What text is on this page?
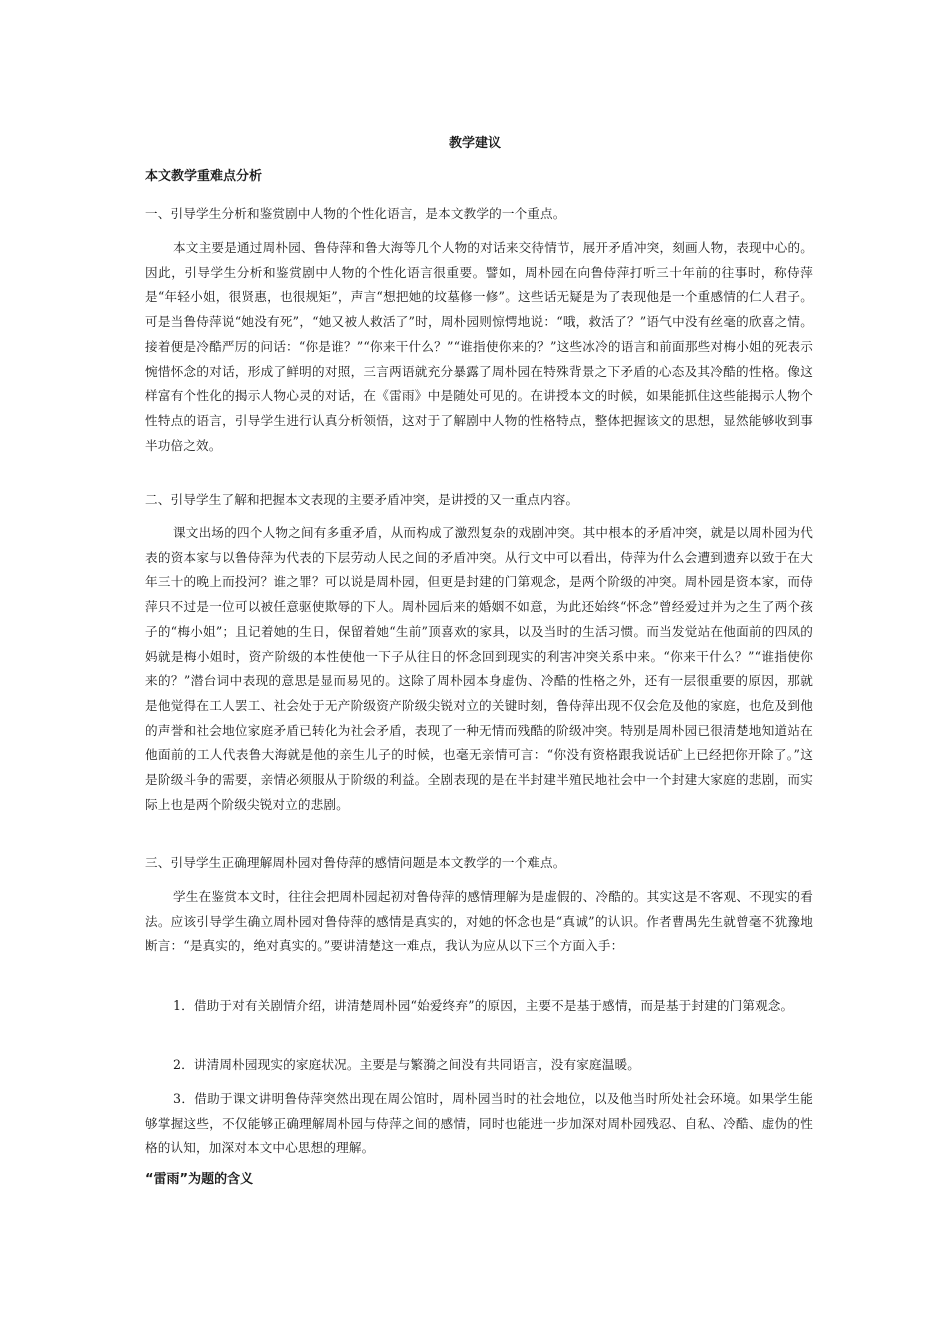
教学建议
本文教学重难点分析

一、引导学生分析和鉴赏剧中人物的个性化语言，是本文教学的一个重点。

本文主要是通过周朴园、鲁侍萍和鲁大海等几个人物的对话来交待情节，展开矛盾冲突，刻画人物，表现中心的。因此，引导学生分析和鉴赏剧中人物的个性化语言很重要。譬如，周朴园在向鲁侍萍打听三十年前的往事时，称侍萍是“年轻小姐，很贤惠，也很规矩”，声言“想把她的坟墓修一修”。这些话无疑是为了表现他是一个重感情的仁人君子。可是当鲁侍萍说“她没有死”，“她又被人救活了”时，周朴园则惊愕地说：“哦，救活了？”语气中没有丝毫的欣喜之情。接着便是冷酷严厉的问话：“你是谁？”“你来干什么？”“谁指使你来的？”这些冰冷的语言和前面那些对梅小姐的死表示惋惜怀念的对话，形成了鲜明的对照，三言两语就充分暴露了周朴园在特殊背景之下矛盾的心态及其冷酷的性格。像这样富有个性化的揭示人物心灵的对话，在《雷雨》中是随处可见的。在讲授本文的时候，如果能抓住这些能揭示人物个性特点的语言，引导学生进行认真分析领悟，这对于了解剧中人物的性格特点，整体把握该文的思想，显然能够收到事半功倍之效。

二、引导学生了解和把握本文表现的主要矛盾冲突，是讲授的又一重点内容。

课文出场的四个人物之间有多重矛盾，从而构成了激烈复杂的戏剧冲突。其中根本的矛盾冲突，就是以周朴园为代表的资本家与以鲁侍萍为代表的下层劳动人民之间的矛盾冲突。从行文中可以看出，侍萍为什么会遭到遗弃以致于在大年三十的晚上而投河？谁之罪？可以说是周朴园，但更是封建的门第观念，是两个阶级的冲突。周朴园是资本家，而侍萍只不过是一位可以被任意驱使欺辱的下人。周朴园后来的婚姻不如意，为此还始终“怀念”曾经爱过并为之生了两个孩子的“梅小姐”；且记着她的生日，保留着她“生前”顶喜欢的家具，以及当时的生活习惯。而当发觉站在他面前的四凤的妈就是梅小姐时，资产阶级的本性使他一下子从往日的怀念回到现实的利害冲突关系中来。“你来干什么？”“谁指使你来的？”潜台词中表现的意思是显而易见的。这除了周朴园本身虚伪、冷酷的性格之外，还有一层很重要的原因，那就是他觉得在工人罢工、社会处于无产阶级资产阶级尖锐对立的关键时刻，鲁侍萍出现不仅会危及他的家庭，也危及到他的声誉和社会地位家庭矛盾已转化为社会矛盾，表现了一种无情而残酷的阶级冲突。特别是周朴园已很清楚地知道站在他面前的工人代表鲁大海就是他的亲生儿子的时候，也毫无亲情可言：“你没有资格跟我说话矿上已经把你开除了。”这是阶级斗争的需要，亲情必须服从于阶级的利益。全剧表现的是在半封建半殖民地社会中一个封建大家庭的悲剧，而实际上也是两个阶级尖锐对立的悲剧。

三、引导学生正确理解周朴园对鲁侍萍的感情问题是本文教学的一个难点。

学生在鉴赏本文时，往往会把周朴园起初对鲁侍萍的感情理解为是虚假的、冷酷的。其实这是不客观、不现实的看法。应该引导学生确立周朴园对鲁侍萍的感情是真实的，对她的怀念也是“真诚”的认识。作者曹禺先生就曾毫不犹豫地断言：“是真实的，绝对真实的。”要讲清楚这一难点，我认为应从以下三个方面入手：

1．借助于对有关剧情介绍，讲清楚周朴园“始爱终弃”的原因，主要不是基于感情，而是基于封建的门第观念。

2．讲清周朴园现实的家庭状况。主要是与繁漪之间没有共同语言，没有家庭温暖。

3．借助于课文讲明鲁侍萍突然出现在周公馆时，周朴园当时的社会地位，以及他当时所处社会环境。如果学生能够掌握这些，不仅能够正确理解周朴园与侍萍之间的感情，同时也能进一步加深对周朴园残忍、自私、冷酷、虚伪的性格的认知，加深对本文中心思想的理解。

“雷雨”为题的含义
